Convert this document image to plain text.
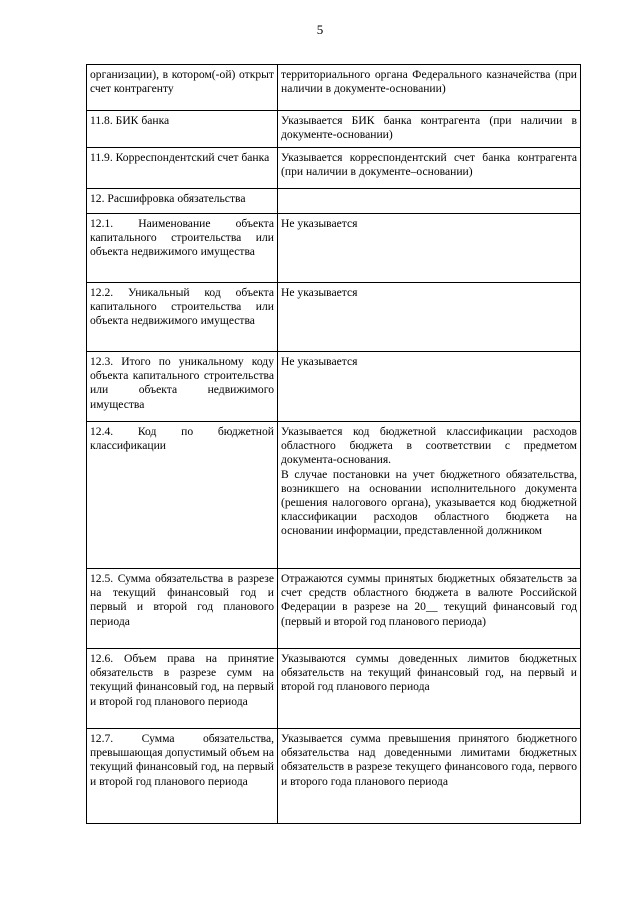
5
организации), в котором(-ой) открыт счет контрагенту	территориального органа Федерального казначейства (при наличии в документе-основании)

11.8. БИК банка	Указывается БИК банка контрагента (при наличии в документе-основании)

11.9. Корреспондентский счет банка	Указывается корреспондентский счет банка контрагента (при наличии в документе–основании)

12. Расшифровка обязательства	

12.1. Наименование объекта капитального строительства или объекта недвижимого имущества	Не указывается

12.2. Уникальный код объекта капитального строительства или объекта недвижимого имущества	Не указывается

12.3. Итого по уникальному коду объекта капитального строительства или объекта недвижимого имущества	Не указывается

12.4. Код по бюджетной классификации	Указывается код бюджетной классификации расходов областного бюджета в соответствии с предметом документа-основания.
В случае постановки на учет бюджетного обязательства, возникшего на основании исполнительного документа (решения налогового органа), указывается код бюджетной классификации расходов областного бюджета на основании информации, представленной должником

12.5. Сумма обязательства в разрезе на текущий финансовый год и первый и второй год планового периода	Отражаются суммы принятых бюджетных обязательств за счет средств областного бюджета в валюте Российской Федерации в разрезе на 20__ текущий финансовый год (первый и второй год планового периода)

12.6. Объем права на принятие обязательств в разрезе сумм на текущий финансовый год, на первый и второй год планового периода	Указываются суммы доведенных лимитов бюджетных обязательств на текущий финансовый год, на первый и второй год планового периода

12.7. Сумма обязательства, превышающая допустимый объем на текущий финансовый год, на первый и второй год планового периода	Указывается сумма превышения принятого бюджетного обязательства над доведенными лимитами бюджетных обязательств в разрезе текущего финансового года, первого и второго года планового периода
